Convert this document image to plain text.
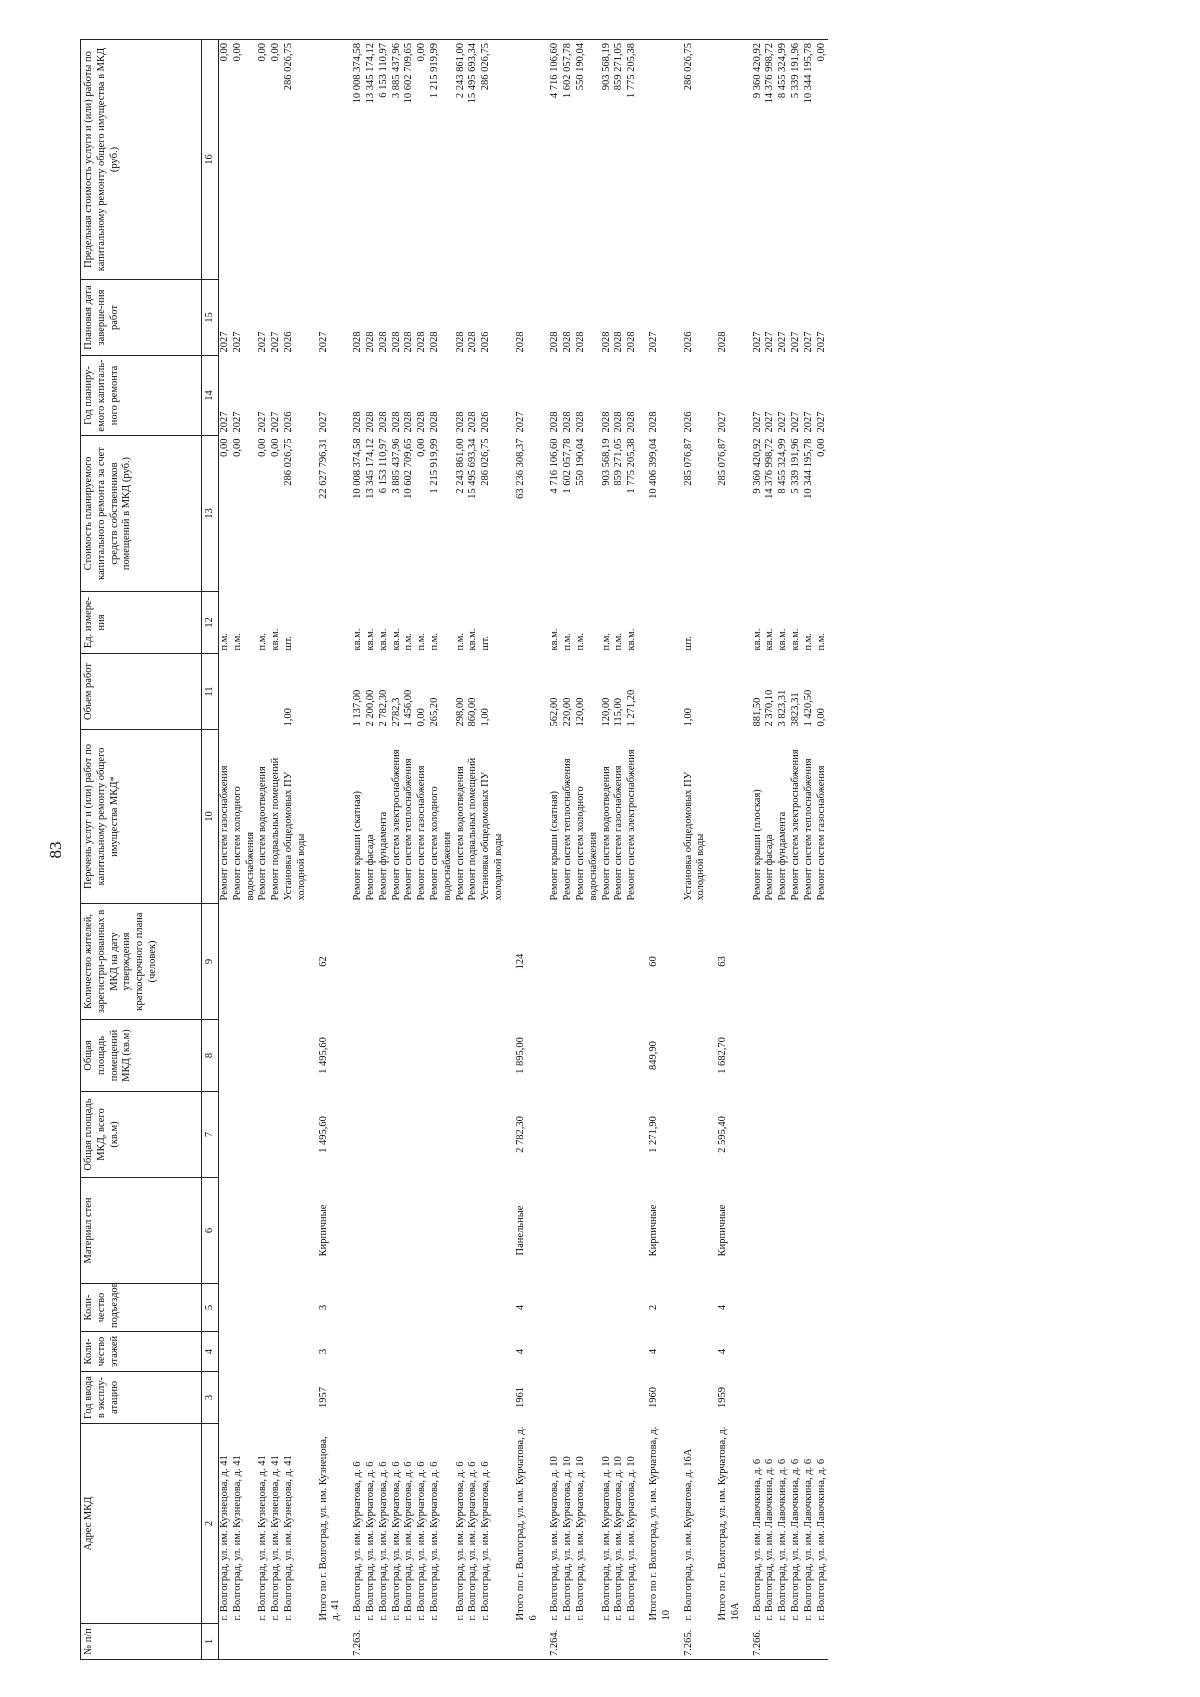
83
№ п/п	Адрес МКД	Год ввода в эксплу-атацию	Коли-чество этажей	Коли-чество подъездов	Материал стен	Общая площадь МКД, всего (кв.м)	Общая площадь помещений МКД (кв.м)	Количество жителей, зарегистри-рованных в МКД на дату утверждения краткосрочного плана (человек)	Перечень услуг и (или) работ по капитальному ремонту общего имущества МКД*	Объем работ	Ед. измере-ния	Стоимость планируемого капитального ремонта за счет средств собственников помещений в МКД (руб.)	Год планиру-емого капиталь-ного ремонта	Плановая дата заверше-ния работ	Предельная стоимость услуги и (или) работы по капитальному ремонту общего имущества в МКД (руб.)
1	2	3	4	5	6	7	8	9	10	11	12	13	14	15	16
	г. Волгоград, ул. им. Кузнецова, д. 41								Ремонт систем газоснабжения		п.м.	0,00	2027	2027	0,00
	г. Волгоград, ул. им. Кузнецова, д. 41								Ремонт систем холодного водоснабжения		п.м.	0,00	2027	2027	0,00
	г. Волгоград, ул. им. Кузнецова, д. 41								Ремонт систем водоотведения		п.м.	0,00	2027	2027	0,00
	г. Волгоград, ул. им. Кузнецова, д. 41								Ремонт подвальных помещений		кв.м.	0,00	2027	2027	0,00
	г. Волгоград, ул. им. Кузнецова, д. 41								Установка общедомовых ПУ холодной воды	1,00	шт.	286 026,75	2026	2026	286 026,75

	Итого по г. Волгоград, ул. им. Кузнецова, д. 41	1957	3	3	Кирпичные	1 495,60	1 495,60	62				22 627 796,31	2027	2027	

7.263.	г. Волгоград, ул. им. Курчатова, д. 6								Ремонт крыши (скатная)	1 137,00	кв.м.	10 008 374,58	2028	2028	10 008 374,58
	г. Волгоград, ул. им. Курчатова, д. 6								Ремонт фасада	2 200,00	кв.м.	13 345 174,12	2028	2028	13 345 174,12
	г. Волгоград, ул. им. Курчатова, д. 6								Ремонт фундамента	2 782,30	кв.м.	6 153 110,97	2028	2028	6 153 110,97
	г. Волгоград, ул. им. Курчатова, д. 6								Ремонт систем электроснабжения	2782,3	кв.м.	3 885 437,96	2028	2028	3 885 437,96
	г. Волгоград, ул. им. Курчатова, д. 6								Ремонт систем теплоснабжения	1 456,00	п.м.	10 602 709,65	2028	2028	10 602 709,65
	г. Волгоград, ул. им. Курчатова, д. 6								Ремонт систем газоснабжения	0,00	п.м.	0,00	2028	2028	0,00
	г. Волгоград, ул. им. Курчатова, д. 6								Ремонт систем холодного водоснабжения	265,20	п.м.	1 215 919,99	2028	2028	1 215 919,99
	г. Волгоград, ул. им. Курчатова, д. 6								Ремонт систем водоотведения	298,00	п.м.	2 243 861,00	2028	2028	2 243 861,00
	г. Волгоград, ул. им. Курчатова, д. 6								Ремонт подвальных помещений	860,00	кв.м.	15 495 693,34	2028	2028	15 495 693,34
	г. Волгоград, ул. им. Курчатова, д. 6								Установка общедомовых ПУ холодной воды	1,00	шт.	286 026,75	2026	2026	286 026,75

	Итого по г. Волгоград, ул. им. Курчатова, д. 6	1961	4	4	Панельные	2 782,30	1 895,00	124				63 236 308,37	2027	2028	

7.264.	г. Волгоград, ул. им. Курчатова, д. 10								Ремонт крыши (скатная)	562,00	кв.м.	4 716 106,60	2028	2028	4 716 106,60
	г. Волгоград, ул. им. Курчатова, д. 10								Ремонт систем теплоснабжения	220,00	п.м.	1 602 057,78	2028	2028	1 602 057,78
	г. Волгоград, ул. им. Курчатова, д. 10								Ремонт систем холодного водоснабжения	120,00	п.м.	550 190,04	2028	2028	550 190,04
	г. Волгоград, ул. им. Курчатова, д. 10								Ремонт систем водоотведения	120,00	п.м.	903 568,19	2028	2028	903 568,19
	г. Волгоград, ул. им. Курчатова, д. 10								Ремонт систем газоснабжения	115,00	п.м.	859 271,05	2028	2028	859 271,05
	г. Волгоград, ул. им. Курчатова, д. 10								Ремонт систем электроснабжения	1 271,20	кв.м.	1 775 205,38	2028	2028	1 775 205,38

	Итого по г. Волгоград, ул. им. Курчатова, д. 10	1960	4	2	Кирпичные	1 271,90	849,90	60				10 406 399,04	2028	2027	

7.265.	г. Волгоград, ул. им. Курчатова, д. 16А								Установка общедомовых ПУ холодной воды	1,00	шт.	285 076,87	2026	2026	286 026,75

	Итого по г. Волгоград, ул. им. Курчатова, д. 16А	1959	4	4	Кирпичные	2 595,40	1 682,70	63				285 076,87	2027	2028	

7.266.	г. Волгоград, ул. им. Лавочкина, д. 6								Ремонт крыши (плоская)	881,50	кв.м.	9 360 420,92	2027	2027	9 360 420,92
	г. Волгоград, ул. им. Лавочкина, д. 6								Ремонт фасада	2 370,10	кв.м.	14 376 998,72	2027	2027	14 376 998,72
	г. Волгоград, ул. им. Лавочкина, д. 6								Ремонт фундамента	3 823,31	кв.м.	8 455 324,99	2027	2027	8 455 324,99
	г. Волгоград, ул. им. Лавочкина, д. 6								Ремонт систем электроснабжения	3823,31	кв.м.	5 339 191,96	2027	2027	5 339 191,96
	г. Волгоград, ул. им. Лавочкина, д. 6								Ремонт систем теплоснабжения	1 420,50	п.м.	10 344 195,78	2027	2027	10 344 195,78
	г. Волгоград, ул. им. Лавочкина, д. 6								Ремонт систем газоснабжения	0,00	п.м.	0,00	2027	2027	0,00
